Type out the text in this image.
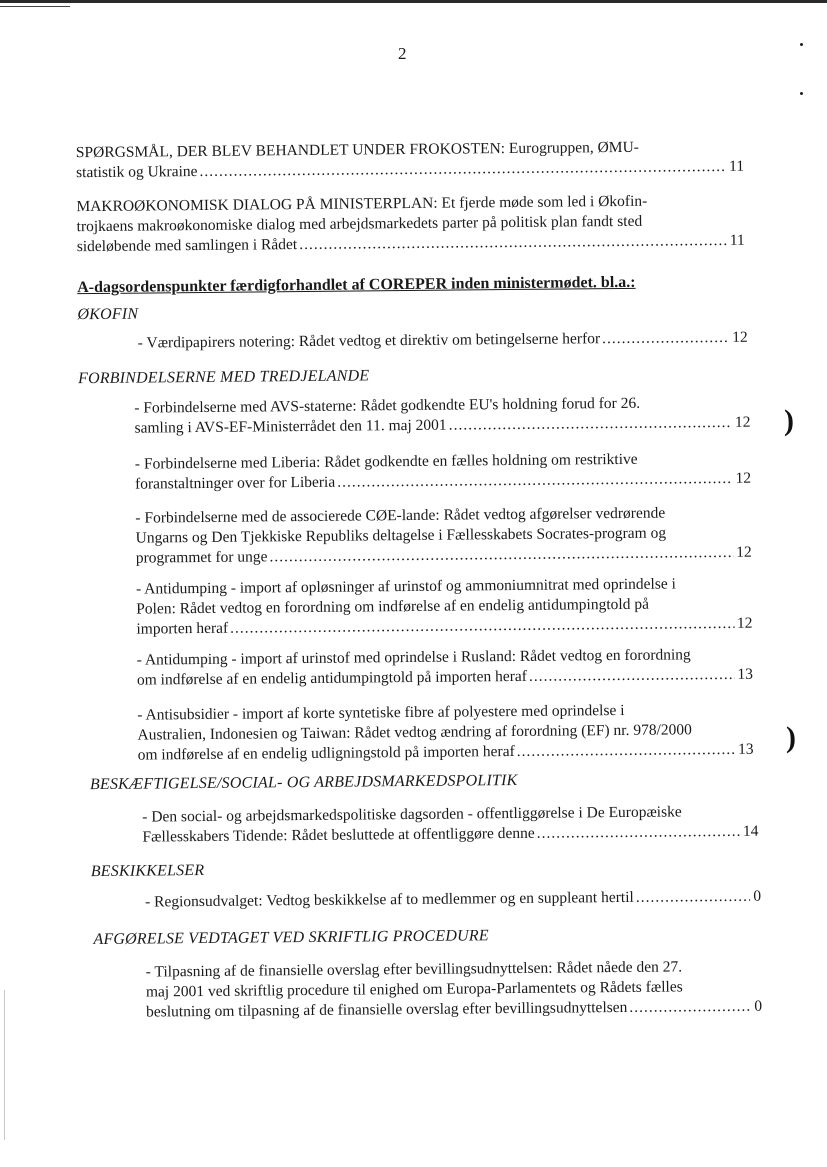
)
)
2
SPØRGSMÅL, DER BLEV BEHANDLET UNDER FROKOSTEN: Eurogruppen, ØMU-
statistik og Ukraine .....	11
MAKROØKONOMISK DIALOG PÅ MINISTERPLAN: Et fjerde møde som led i Økofin-
trojkaens makroøkonomiske dialog med arbejdsmarkedets parter på politisk plan fandt sted
sideløbende med samlingen i Rådet .....	11
A-dagsordenspunkter færdigforhandlet af COREPER inden ministermødet. bl.a.:
ØKOFIN
- Værdipapirers notering: Rådet vedtog et direktiv om betingelserne herfor .....	12
FORBINDELSERNE MED TREDJELANDE
- Forbindelserne med AVS-staterne: Rådet godkendte EU's holdning forud for 26.
samling i AVS-EF-Ministerrådet den 11. maj 2001 .....	12
- Forbindelserne med Liberia: Rådet godkendte en fælles holdning om restriktive
foranstaltninger over for Liberia .....	12
- Forbindelserne med de associerede CØE-lande: Rådet vedtog afgørelser vedrørende
Ungarns og Den Tjekkiske Republiks deltagelse i Fællesskabets Socrates-program og
programmet for unge .....	12
- Antidumping - import af opløsninger af urinstof og ammoniumnitrat med oprindelse i
Polen: Rådet vedtog en forordning om indførelse af en endelig antidumpingtold på
importen heraf .....	12
- Antidumping - import af urinstof med oprindelse i Rusland: Rådet vedtog en forordning
om indførelse af en endelig antidumpingtold på importen heraf .....	13
- Antisubsidier - import af korte syntetiske fibre af polyestere med oprindelse i
Australien, Indonesien og Taiwan: Rådet vedtog ændring af forordning (EF) nr. 978/2000
om indførelse af en endelig udligningstold på importen heraf .....	13
BESKÆFTIGELSE/SOCIAL- OG ARBEJDSMARKEDSPOLITIK
- Den social- og arbejdsmarkedspolitiske dagsorden - offentliggørelse i De Europæiske
Fællesskabers Tidende: Rådet besluttede at offentliggøre denne .....	14
BESKIKKELSER
- Regionsudvalget: Vedtog beskikkelse af to medlemmer og en suppleant hertil .....	0
AFGØRELSE VEDTAGET VED SKRIFTLIG PROCEDURE
- Tilpasning af de finansielle overslag efter bevillingsudnyttelsen: Rådet nåede den 27.
maj 2001 ved skriftlig procedure til enighed om Europa-Parlamentets og Rådets fælles
beslutning om tilpasning af de finansielle overslag efter bevillingsudnyttelsen .....	0
